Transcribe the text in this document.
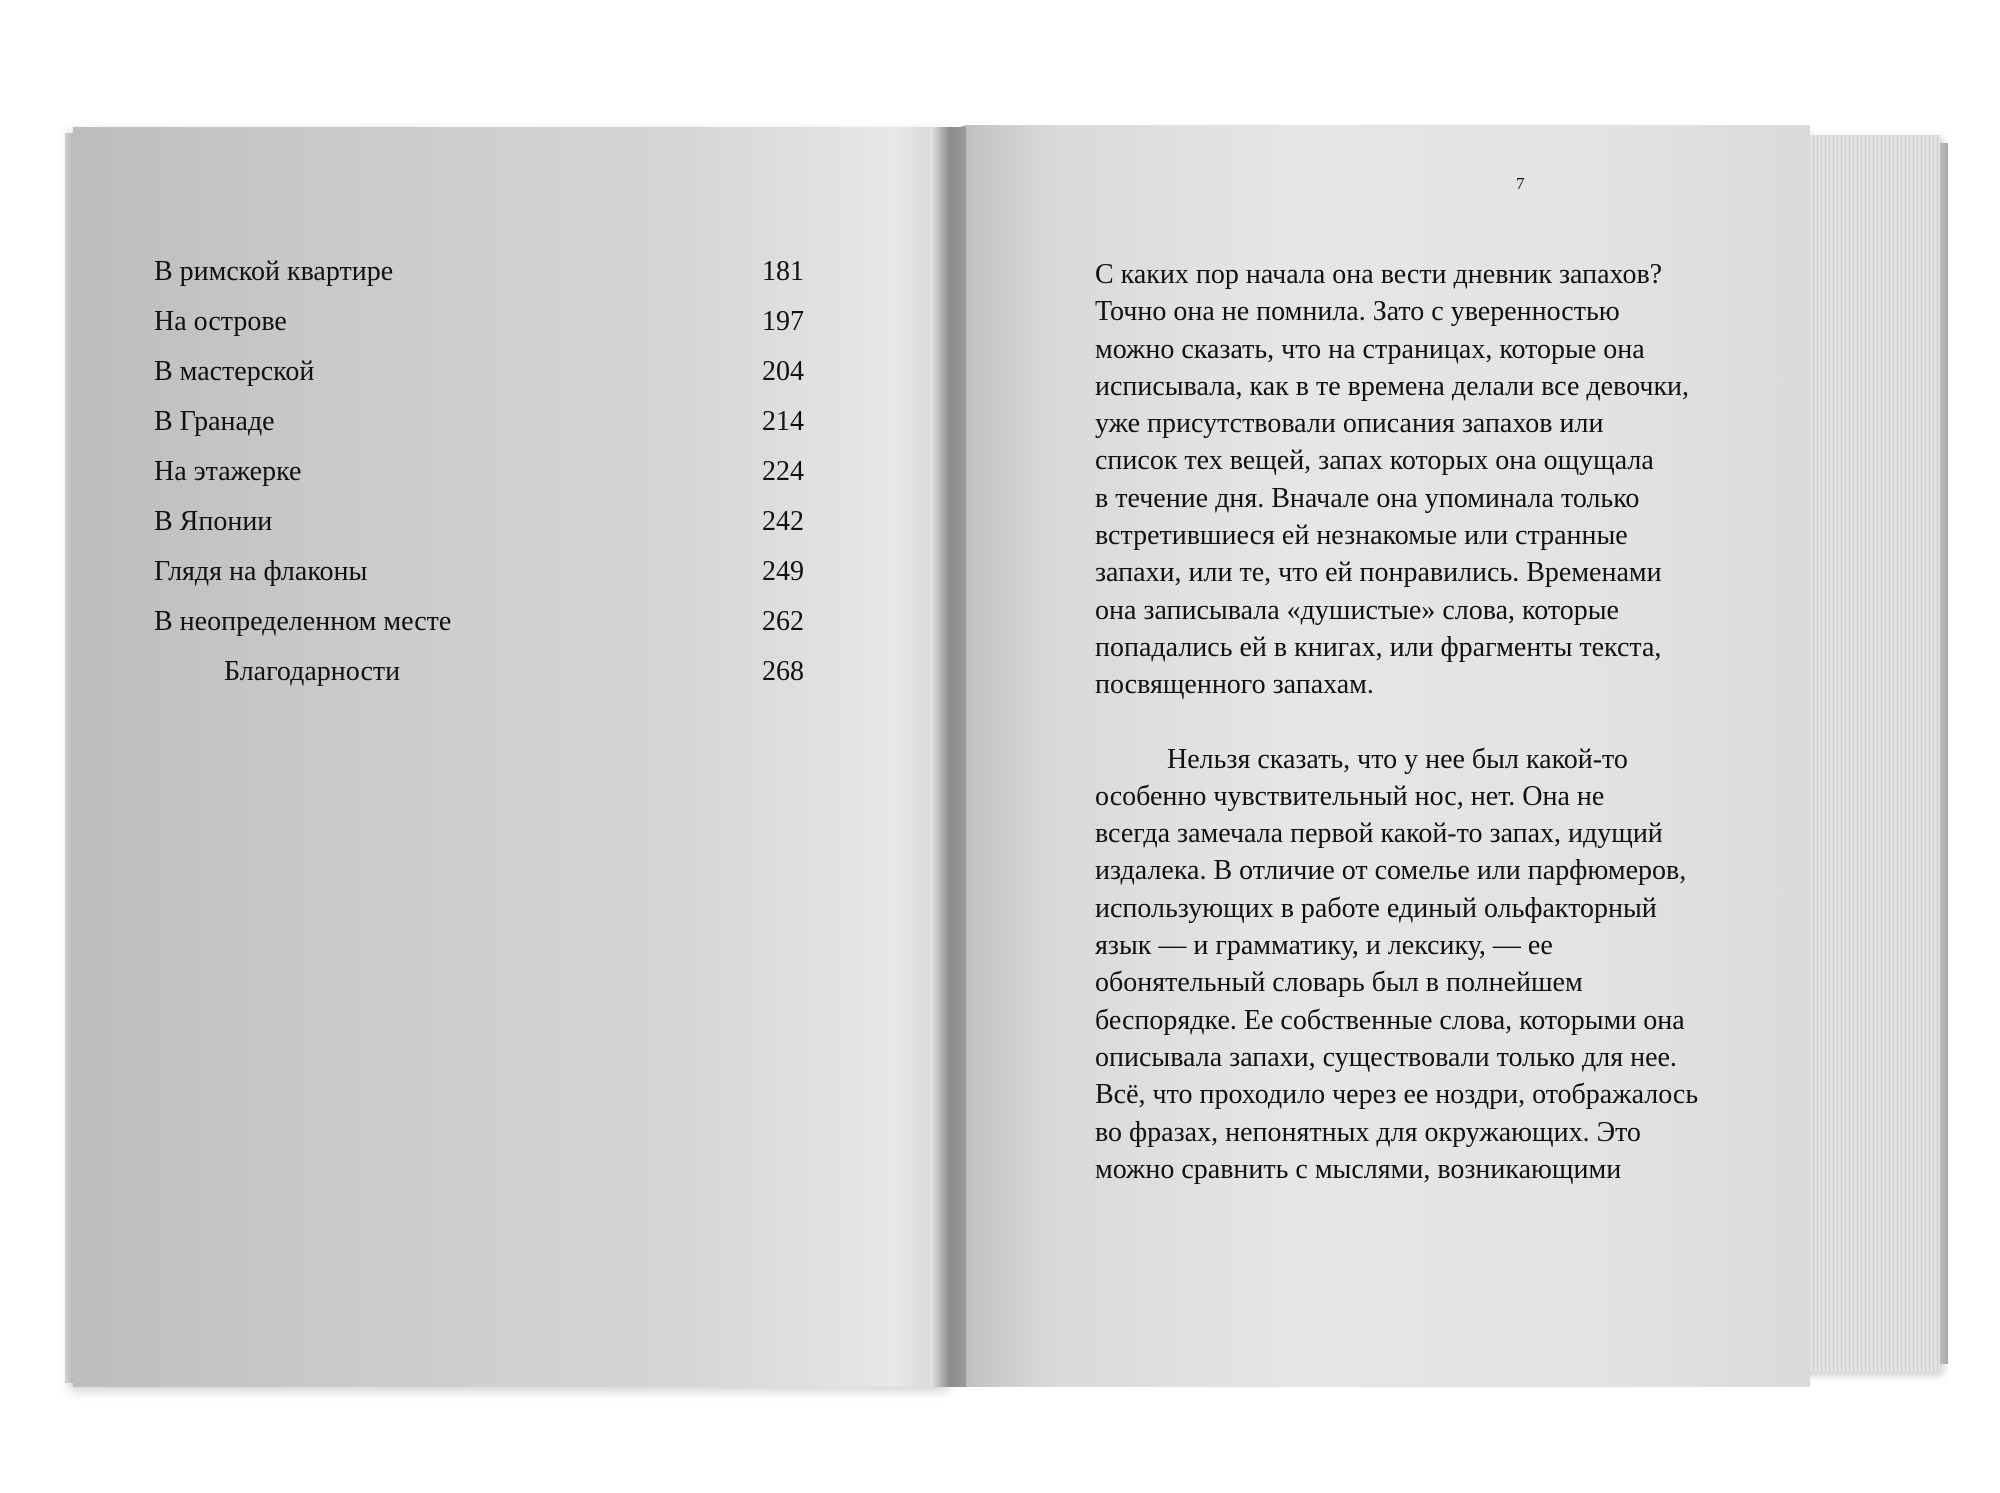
В римской квартире	181
На острове	197
В мастерской	204
В Гранаде	214
На этажерке	224
В Японии	242
Глядя на флаконы	249
В неопределенном месте	262
Благодарности	268
7

С каких пор начала она вести дневник запахов?
Точно она не помнила. Зато с уверенностью
можно сказать, что на страницах, которые она
исписывала, как в те времена делали все девочки,
уже присутствовали описания запахов или
список тех вещей, запах которых она ощущала
в течение дня. Вначале она упоминала только
встретившиеся ей незнакомые или странные
запахи, или те, что ей понравились. Временами
она записывала «душистые» слова, которые
попадались ей в книгах, или фрагменты текста,
посвященного запахам.

Нельзя сказать, что у нее был какой-то
особенно чувствительный нос, нет. Она не
всегда замечала первой какой-то запах, идущий
издалека. В отличие от сомелье или парфюмеров,
использующих в работе единый ольфакторный
язык — и грамматику, и лексику, — ее
обонятельный словарь был в полнейшем
беспорядке. Ее собственные слова, которыми она
описывала запахи, существовали только для нее.
Всё, что проходило через ее ноздри, отображалось
во фразах, непонятных для окружающих. Это
можно сравнить с мыслями, возникающими
